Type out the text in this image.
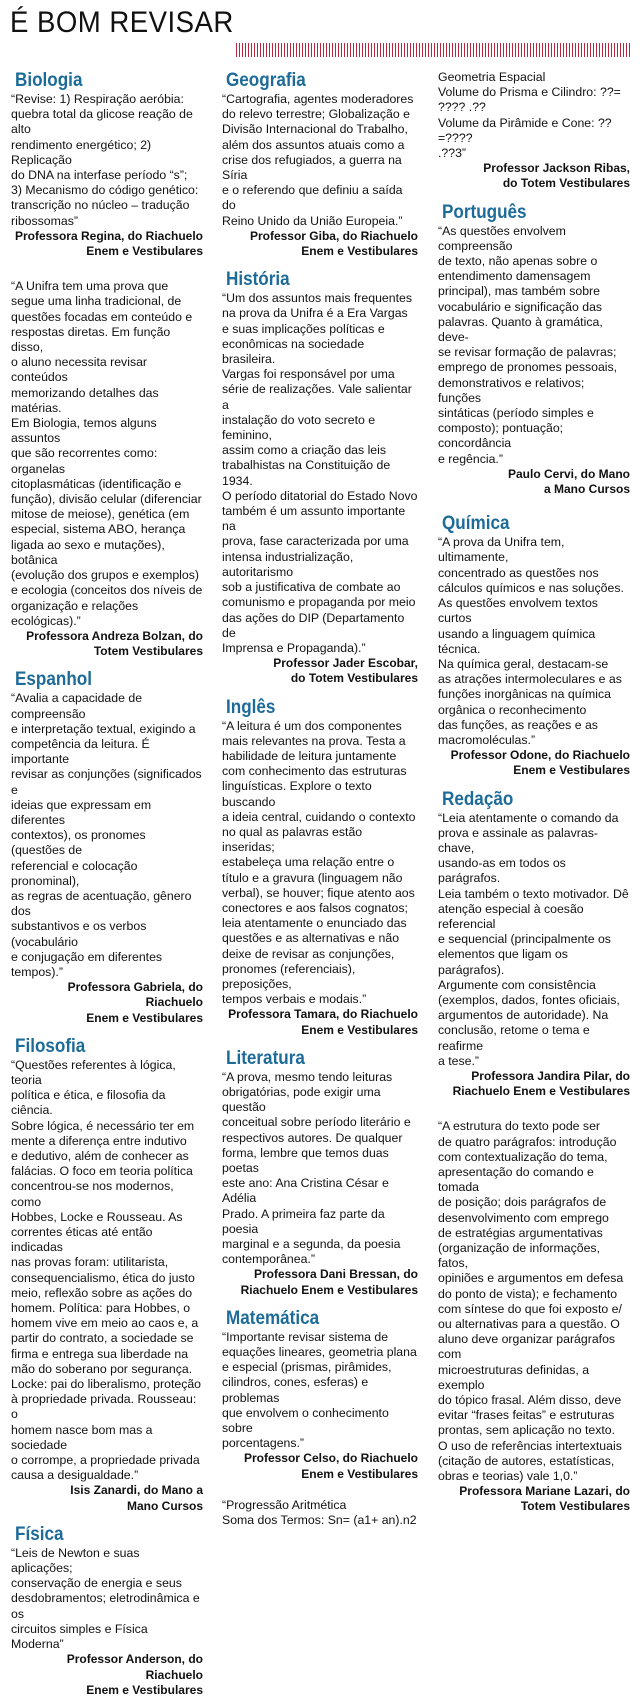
É BOM REVISAR
Biologia

“Revise: 1) Respiração aeróbia:
quebra total da glicose reação de alto
rendimento energético; 2) Replicação
do DNA na interfase período “s”;
3) Mecanismo do código genético:
transcrição no núcleo – tradução
ribossomas”

Professora Regina, do Riachuelo
Enem e Vestibulares

“A Unifra tem uma prova que
segue uma linha tradicional, de
questões focadas em conteúdo e
respostas diretas. Em função disso,
o aluno necessita revisar conteúdos
memorizando detalhes das matérias.
Em Biologia, temos alguns assuntos
que são recorrentes como: organelas
citoplasmáticas (identificação e
função), divisão celular (diferenciar
mitose de meiose), genética (em
especial, sistema ABO, herança
ligada ao sexo e mutações), botânica
(evolução dos grupos e exemplos)
e ecologia (conceitos dos níveis de
organização e relações ecológicas).”

Professora Andreza Bolzan, do
Totem Vestibulares

Espanhol

“Avalia a capacidade de compreensão
e interpretação textual, exigindo a
competência da leitura. É importante
revisar as conjunções (significados e
ideias que expressam em diferentes
contextos), os pronomes (questões de
referencial e colocação pronominal),
as regras de acentuação, gênero dos
substantivos e os verbos (vocabulário
e conjugação em diferentes tempos).”

Professora Gabriela, do Riachuelo
Enem e Vestibulares

Filosofia

“Questões referentes à lógica, teoria
política e ética, e filosofia da ciência.
Sobre lógica, é necessário ter em
mente a diferença entre indutivo
e dedutivo, além de conhecer as
falácias. O foco em teoria política
concentrou-se nos modernos, como
Hobbes, Locke e Rousseau. As
correntes éticas até então indicadas
nas provas foram: utilitarista,
consequencialismo, ética do justo
meio, reflexão sobre as ações do
homem. Política: para Hobbes, o
homem vive em meio ao caos e, a
partir do contrato, a sociedade se
firma e entrega sua liberdade na
mão do soberano por segurança.
Locke: pai do liberalismo, proteção
à propriedade privada. Rousseau: o
homem nasce bom mas a sociedade
o corrompe, a propriedade privada
causa a desigualdade.”

Isis Zanardi, do Mano a
Mano Cursos

Física

“Leis de Newton e suas aplicações;
conservação de energia e seus
desdobramentos; eletrodinâmica e os
circuitos simples e Física Moderna”

Professor Anderson, do Riachuelo
Enem e Vestibulares

Geografia

“Cartografia, agentes moderadores
do relevo terrestre; Globalização e
Divisão Internacional do Trabalho,
além dos assuntos atuais como a
crise dos refugiados, a guerra na Síria
e o referendo que definiu a saída do
Reino Unido da União Europeia.”

Professor Giba, do Riachuelo
Enem e Vestibulares

História

“Um dos assuntos mais frequentes
na prova da Unifra é a Era Vargas
e suas implicações políticas e
econômicas na sociedade brasileira.
Vargas foi responsável por uma
série de realizações. Vale salientar a
instalação do voto secreto e feminino,
assim como a criação das leis
trabalhistas na Constituição de 1934.
O período ditatorial do Estado Novo
também é um assunto importante na
prova, fase caracterizada por uma
intensa industrialização, autoritarismo
sob a justificativa de combate ao
comunismo e propaganda por meio
das ações do DIP (Departamento de
Imprensa e Propaganda).”

Professor Jader Escobar,
do Totem Vestibulares

Inglês

“A leitura é um dos componentes
mais relevantes na prova. Testa a
habilidade de leitura juntamente
com conhecimento das estruturas
linguísticas. Explore o texto buscando
a ideia central, cuidando o contexto
no qual as palavras estão inseridas;
estabeleça uma relação entre o
título e a gravura (linguagem não
verbal), se houver; fique atento aos
conectores e aos falsos cognatos;
leia atentamente o enunciado das
questões e as alternativas e não
deixe de revisar as conjunções,
pronomes (referenciais), preposições,
tempos verbais e modais.”

Professora Tamara, do Riachuelo
Enem e Vestibulares

Literatura

“A prova, mesmo tendo leituras
obrigatórias, pode exigir uma questão
conceitual sobre período literário e
respectivos autores. De qualquer
forma, lembre que temos duas poetas
este ano: Ana Cristina César e Adélia
Prado. A primeira faz parte da poesia
marginal e a segunda, da poesia
contemporânea.”

Professora Dani Bressan, do
Riachuelo Enem e Vestibulares

Matemática

“Importante revisar sistema de
equações lineares, geometria plana
e especial (prismas, pirâmides,
cilindros, cones, esferas) e problemas
que envolvem o conhecimento sobre
porcentagens.”

Professor Celso, do Riachuelo
Enem e Vestibulares

“Progressão Aritmética
Soma dos Termos: Sn= (a1+ an).n2

Geometria Espacial
Volume do Prisma e Cilindro: ??=
???? .??
Volume da Pirâmide e Cone: ??=????
.??3”

Professor Jackson Ribas,
do Totem Vestibulares

Português

“As questões envolvem compreensão
de texto, não apenas sobre o
entendimento damensagem
principal), mas também sobre
vocabulário e significação das
palavras. Quanto à gramática, deve-
se revisar formação de palavras;
emprego de pronomes pessoais,
demonstrativos e relativos; funções
sintáticas (período simples e
composto); pontuação; concordância
e regência.”

Paulo Cervi, do Mano
a Mano Cursos

Química

“A prova da Unifra tem, ultimamente,
concentrado as questões nos
cálculos químicos e nas soluções.
As questões envolvem textos curtos
usando a linguagem química técnica.
Na química geral, destacam-se
as atrações intermoleculares e as
funções inorgânicas na química
orgânica o reconhecimento
das funções, as reações e as
macromoléculas.”

Professor Odone, do Riachuelo
Enem e Vestibulares

Redação

“Leia atentamente o comando da
prova e assinale as palavras-chave,
usando-as em todos os parágrafos.
Leia também o texto motivador. Dê
atenção especial à coesão referencial
e sequencial (principalmente os
elementos que ligam os parágrafos).
Argumente com consistência
(exemplos, dados, fontes oficiais,
argumentos de autoridade). Na
conclusão, retome o tema e reafirme
a tese.”

Professora Jandira Pilar, do
Riachuelo Enem e Vestibulares

“A estrutura do texto pode ser
de quatro parágrafos: introdução
com contextualização do tema,
apresentação do comando e tomada
de posição; dois parágrafos de
desenvolvimento com emprego
de estratégias argumentativas
(organização de informações, fatos,
opiniões e argumentos em defesa
do ponto de vista); e fechamento
com síntese do que foi exposto e/
ou alternativas para a questão. O
aluno deve organizar parágrafos com
microestruturas definidas, a exemplo
do tópico frasal. Além disso, deve
evitar “frases feitas” e estruturas
prontas, sem aplicação no texto.
O uso de referências intertextuais
(citação de autores, estatísticas,
obras e teorias) vale 1,0.”

Professora Mariane Lazari, do
Totem Vestibulares
